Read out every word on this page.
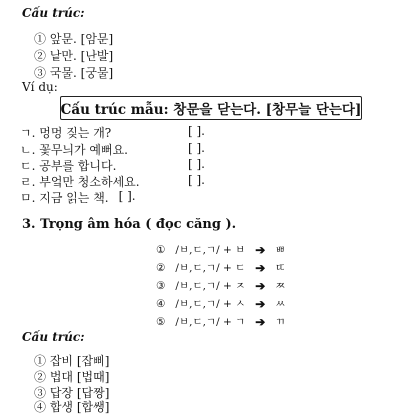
Cấu trúc:
① 앞문. [암문]
② 낱만. [난발]
③ 국물. [궁물]
Ví dụ:
Cấu trúc mẫu: 창문을 닫는다. [창무늘 단는다]
ㄱ. 멍멍 짖는 개?	[ ].
ㄴ. 꽃무늬가 예뻐요.	[ ].
ㄷ. 공부를 합니다.	[ ].
ㄹ. 부엌만 청소하세요.	[ ].
ㅁ. 지금 읽는 책. [ ].
3. Trọng âm hóa ( đọc căng ).
① /ㅂ,ㄷ,ㄱ/ + ㅂ ➔ ㅃ
② /ㅂ,ㄷ,ㄱ/ + ㄷ ➔ ㄸ
③ /ㅂ,ㄷ,ㄱ/ + ㅈ ➔ ㅉ
④ /ㅂ,ㄷ,ㄱ/ + ㅅ ➔ ㅆ
⑤ /ㅂ,ㄷ,ㄱ/ + ㄱ ➔ ㄲ
Cấu trúc:
① 잡비 [잡삐]
② 법대 [법때]
③ 답장 [답짱]
④ 합생 [합쌩]
